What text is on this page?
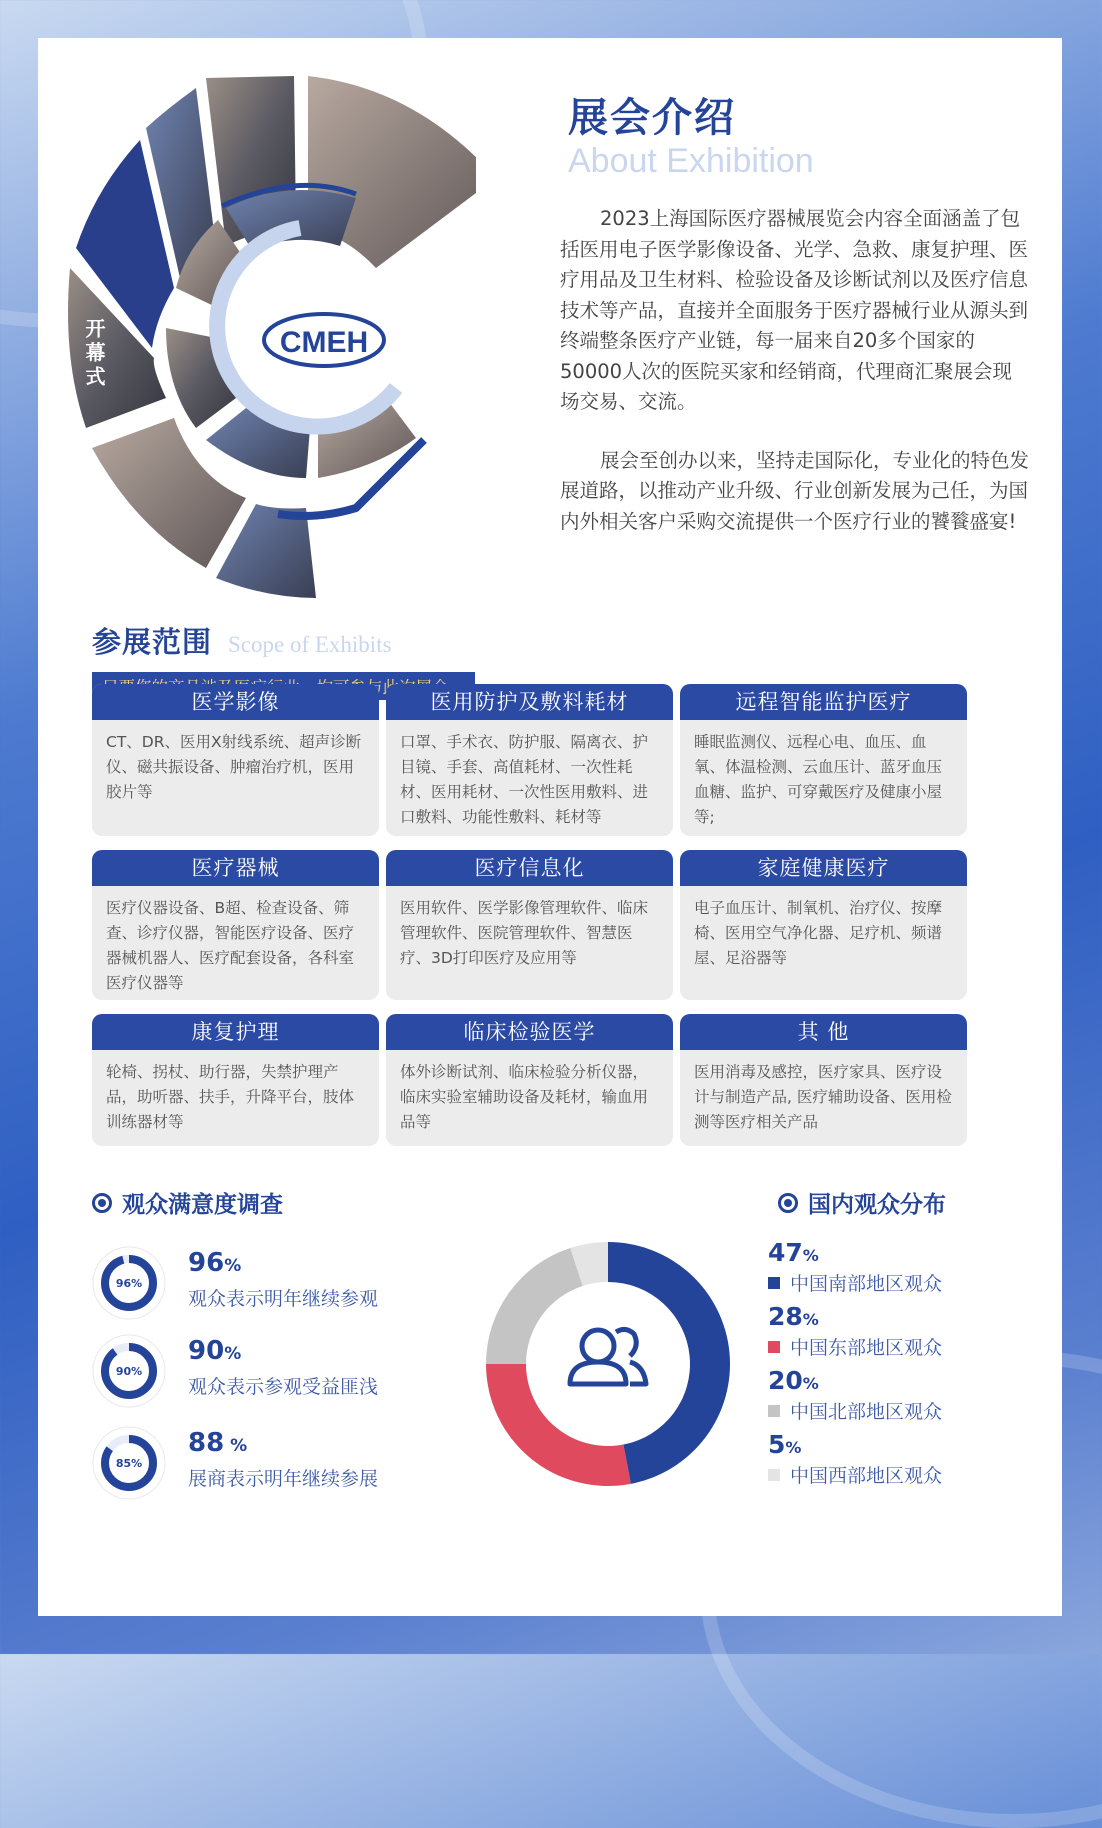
CMEH
开幕式
展会介绍
About Exhibition

2023上海国际医疗器械展览会内容全面涵盖了包括医用电子医学影像设备、光学、急救、康复护理、医疗用品及卫生材料、检验设备及诊断试剂以及医疗信息技术等产品，直接并全面服务于医疗器械行业从源头到终端整条医疗产业链，每一届来自20多个国家的50000人次的医院买家和经销商，代理商汇聚展会现场交易、交流。

展会至创办以来，坚持走国际化，专业化的特色发展道路，以推动产业升级、行业创新发展为己任，为国内外相关客户采购交流提供一个医疗行业的饕餮盛宴!

参展范围 Scope of Exhibits
医学影像
CT、DR、医用X射线系统、超声诊断仪、磁共振设备、肿瘤治疗机，医用胶片等
医用防护及敷料耗材
口罩、手术衣、防护服、隔离衣、护目镜、手套、高值耗材、一次性耗材、医用耗材、一次性医用敷料、进口敷料、功能性敷料、耗材等
远程智能监护医疗
睡眠监测仪、远程心电、血压、血氧、体温检测、云血压计、蓝牙血压血糖、监护、可穿戴医疗及健康小屋等;
医疗器械
医疗仪器设备、B超、检查设备、筛查、诊疗仪器，智能医疗设备、医疗器械机器人、医疗配套设备，各科室医疗仪器等
医疗信息化
医用软件、医学影像管理软件、临床管理软件、医院管理软件、智慧医疗、3D打印医疗及应用等
家庭健康医疗
电子血压计、制氧机、治疗仪、按摩椅、医用空气净化器、足疗机、频谱屋、足浴器等
康复护理
轮椅、拐杖、助行器，失禁护理产品，助听器、扶手，升降平台，肢体训练器材等
临床检验医学
体外诊断试剂、临床检验分析仪器，临床实验室辅助设备及耗材，输血用品等
其 他
医用消毒及感控，医疗家具、医疗设计与制造产品, 医疗辅助设备、医用检测等医疗相关产品
观众满意度调查
96%
96%
观众表示明年继续参观
90%
90%
观众表示参观受益匪浅
85%
88 %
展商表示明年继续参展
国内观众分布
47%
中国南部地区观众
28%
中国东部地区观众
20%
中国北部地区观众
5%
中国西部地区观众
